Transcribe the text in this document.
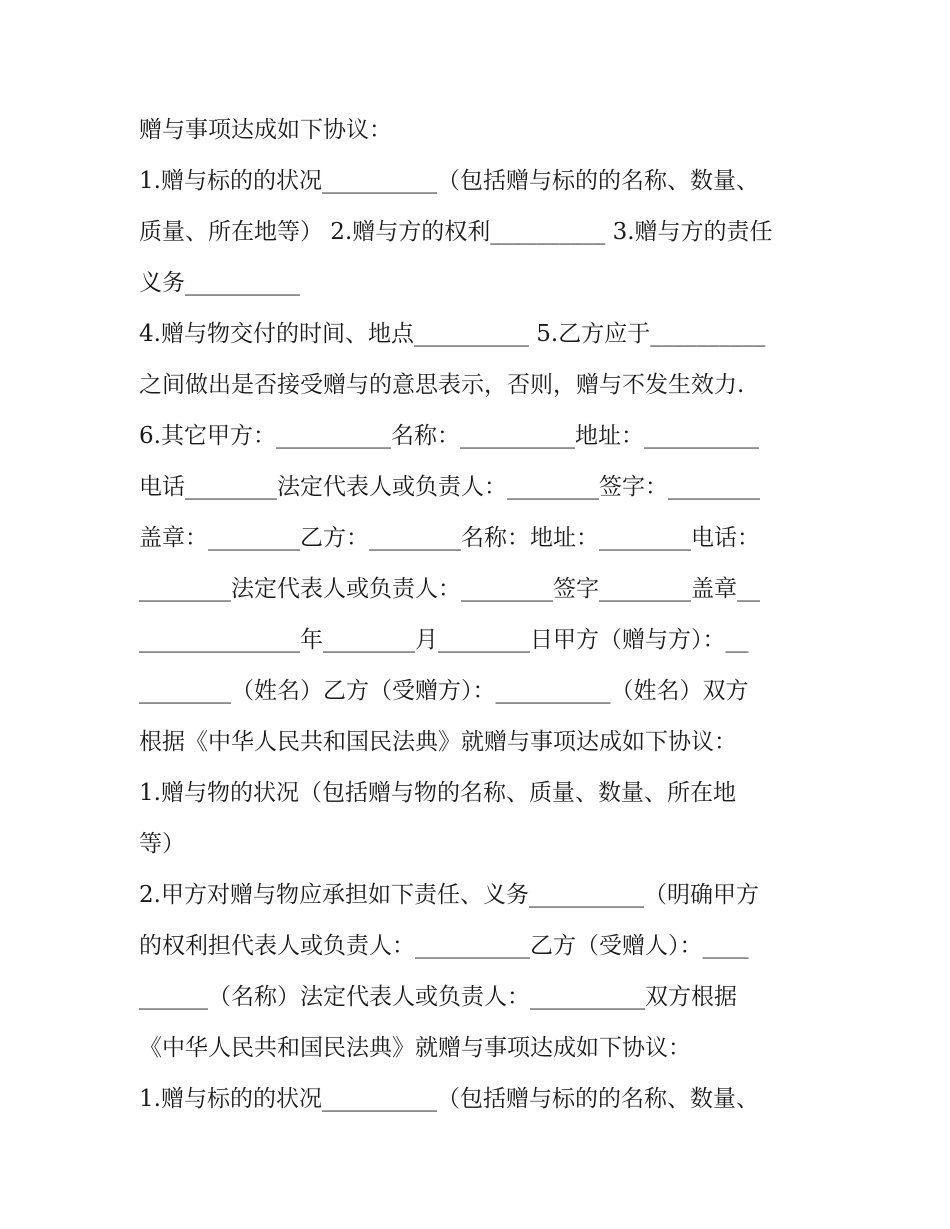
赠与事项达成如下协议：
1.赠与标的的状况__________（包括赠与标的的名称、数量、
质量、所在地等） 2.赠与方的权利__________ 3.赠与方的责任
义务__________
4.赠与物交付的时间、地点__________ 5.乙方应于__________
之间做出是否接受赠与的意思表示，否则，赠与不发生效力.
6.其它甲方：__________名称：__________地址：__________
电话________法定代表人或负责人：________签字：________
盖章：________乙方：________名称：地址：________电话：
________法定代表人或负责人：________签字________盖章__
______________年________月________日甲方（赠与方）：__
________（姓名）乙方（受赠方）：__________（姓名）双方
根据《中华人民共和国民法典》就赠与事项达成如下协议：
1.赠与物的状况（包括赠与物的名称、质量、数量、所在地
等）
2.甲方对赠与物应承担如下责任、义务__________（明确甲方
的权利担代表人或负责人：__________乙方（受赠人）：____
______（名称）法定代表人或负责人：__________双方根据
《中华人民共和国民法典》就赠与事项达成如下协议：
1.赠与标的的状况__________（包括赠与标的的名称、数量、
